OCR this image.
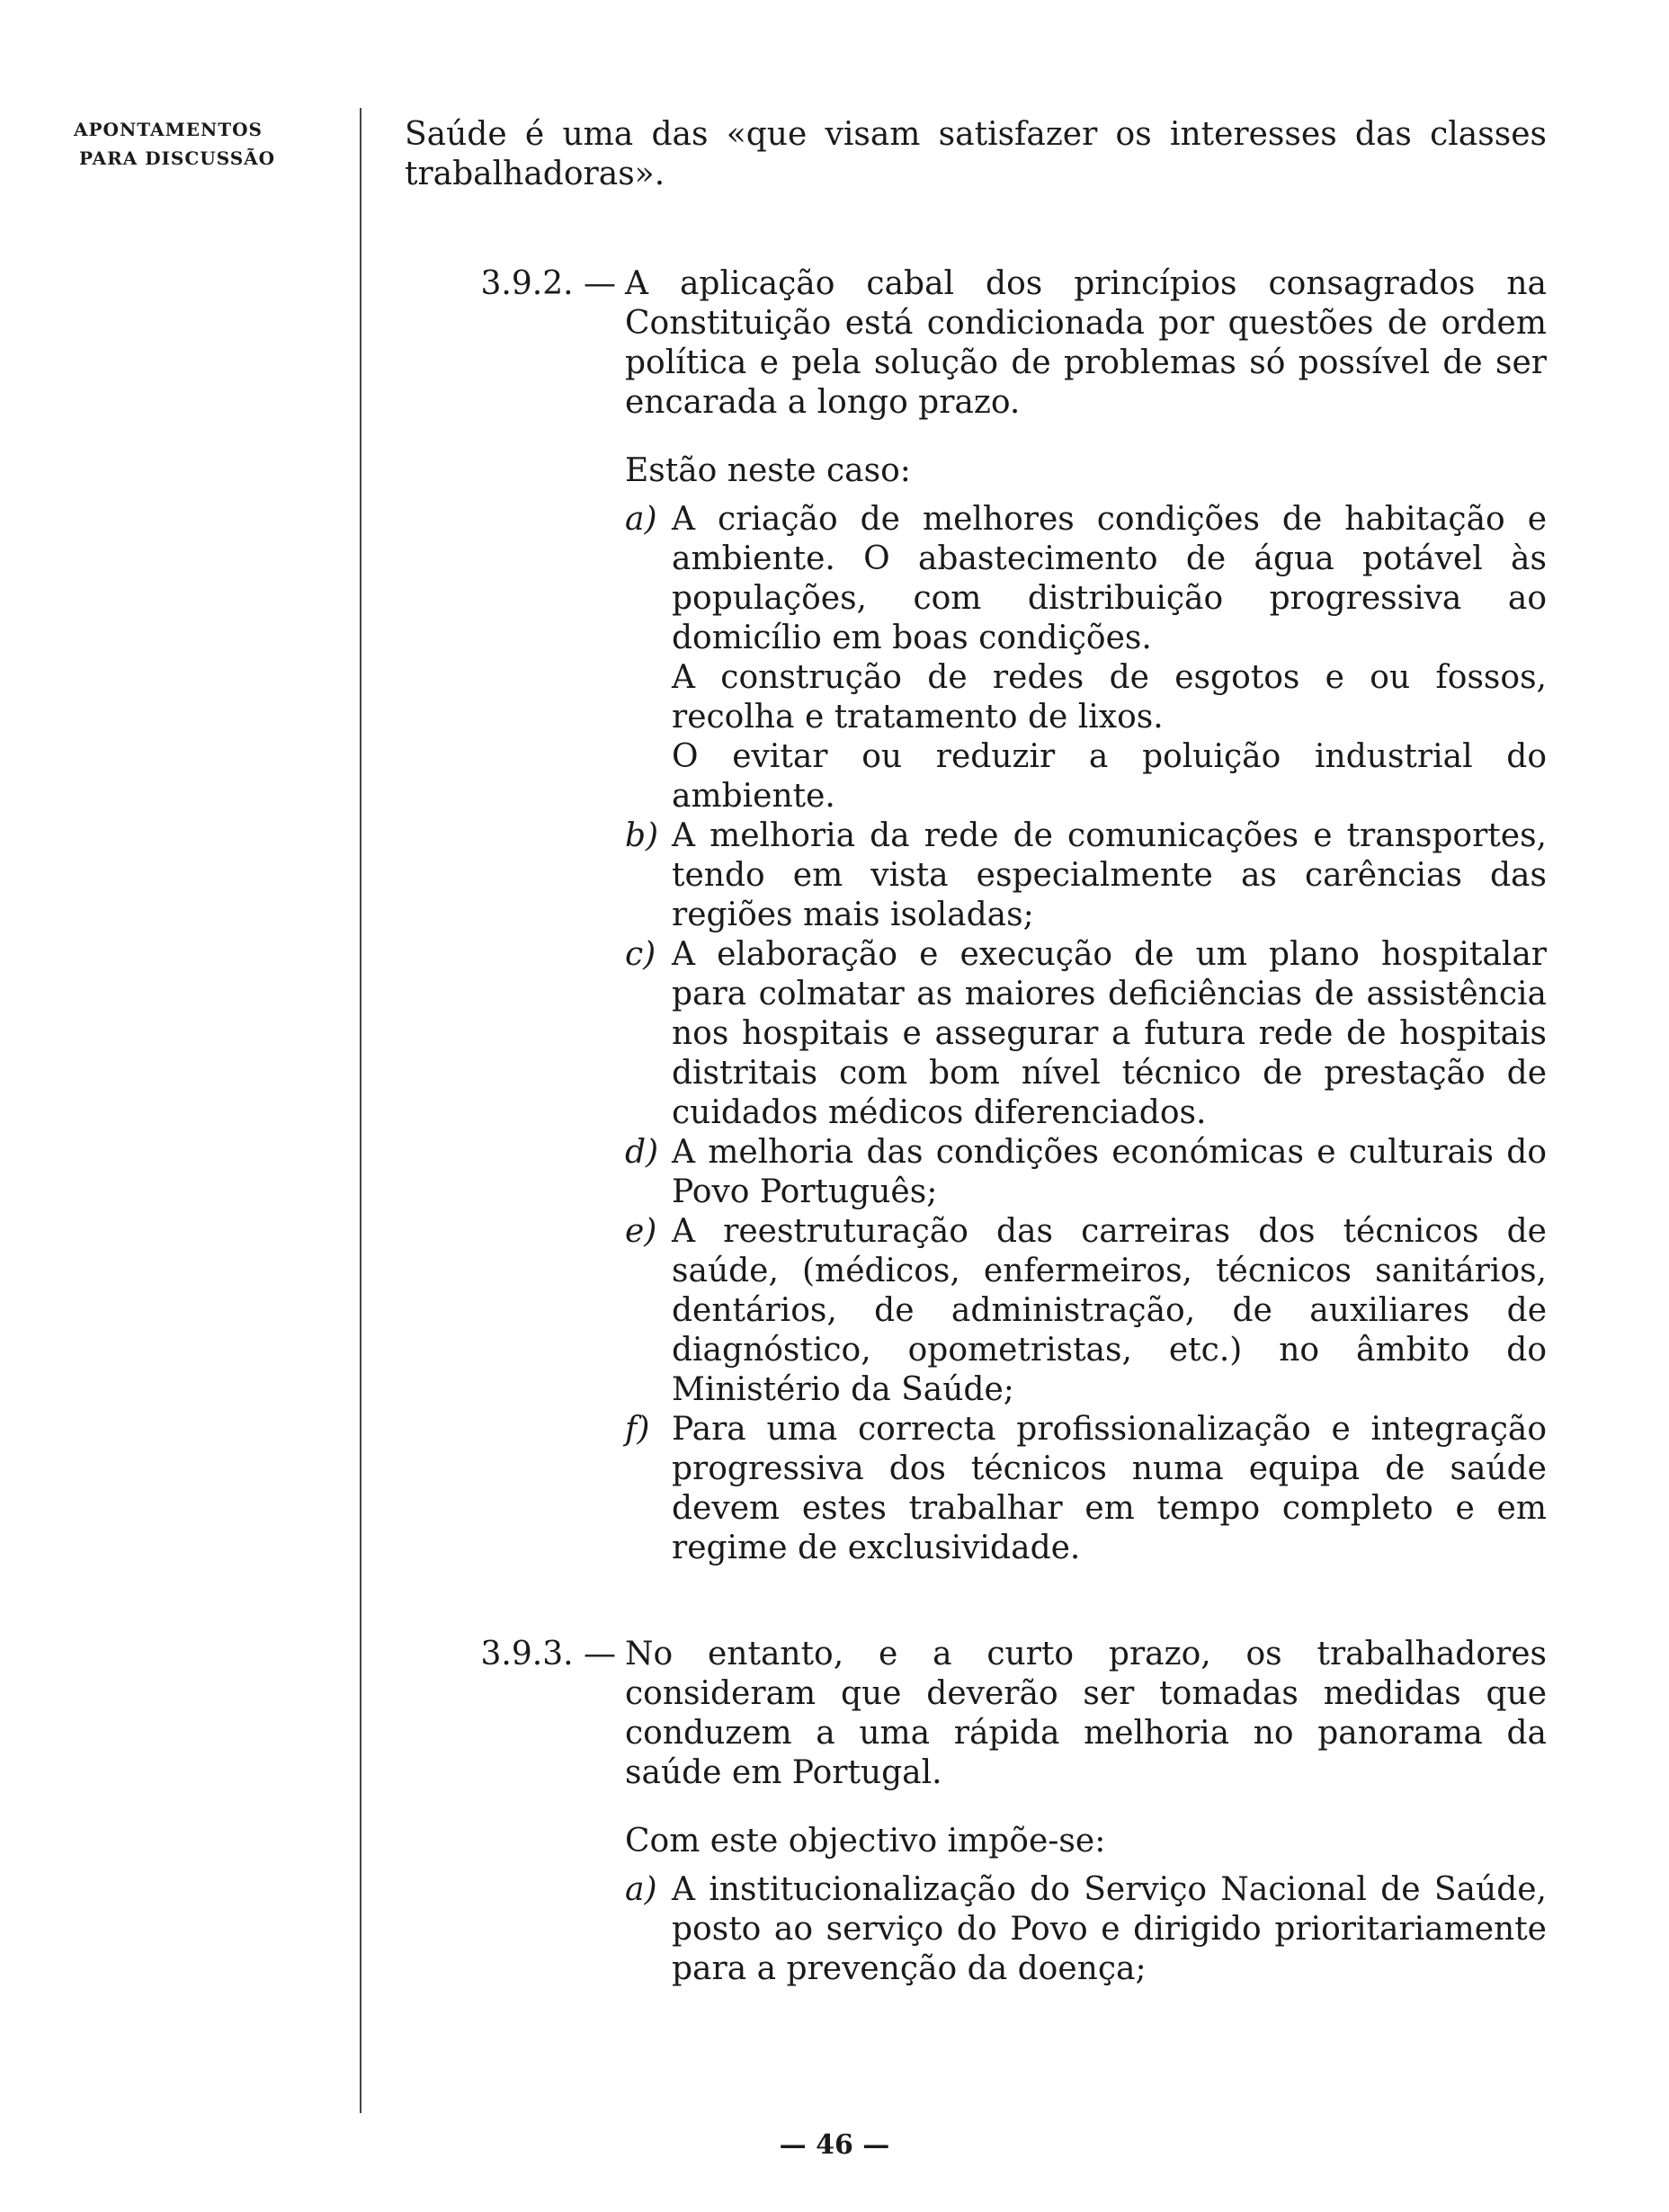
APONTAMENTOS
PARA DISCUSSÃO

Saúde é uma das «que visam satisfazer os interesses das classes trabalhadoras».

3.9.2. — A aplicação cabal dos princípios consagrados na Constituição está condicionada por questões de ordem política e pela solução de problemas só possível de ser encarada a longo prazo.

Estão neste caso:

a) A criação de melhores condições de habitação e ambiente. O abastecimento de água potável às populações, com distribuição progressiva ao domicílio em boas condições.

A construção de redes de esgotos e ou fossos, recolha e tratamento de lixos.

O evitar ou reduzir a poluição industrial do ambiente.

b) A melhoria da rede de comunicações e transportes, tendo em vista especialmente as carências das regiões mais isoladas;

c) A elaboração e execução de um plano hospitalar para colmatar as maiores deficiências de assistência nos hospitais e assegurar a futura rede de hospitais distritais com bom nível técnico de prestação de cuidados médicos diferenciados.

d) A melhoria das condições económicas e culturais do Povo Português;

e) A reestruturação das carreiras dos técnicos de saúde, (médicos, enfermeiros, técnicos sanitários, dentários, de administração, de auxiliares de diagnóstico, opometristas, etc.) no âmbito do Ministério da Saúde;

f) Para uma correcta profissionalização e integração progressiva dos técnicos numa equipa de saúde devem estes trabalhar em tempo completo e em regime de exclusividade.

3.9.3. — No entanto, e a curto prazo, os trabalhadores consideram que deverão ser tomadas medidas que conduzem a uma rápida melhoria no panorama da saúde em Portugal.

Com este objectivo impõe-se:

a) A institucionalização do Serviço Nacional de Saúde, posto ao serviço do Povo e dirigido prioritariamente para a prevenção da doença;

— 46 —
